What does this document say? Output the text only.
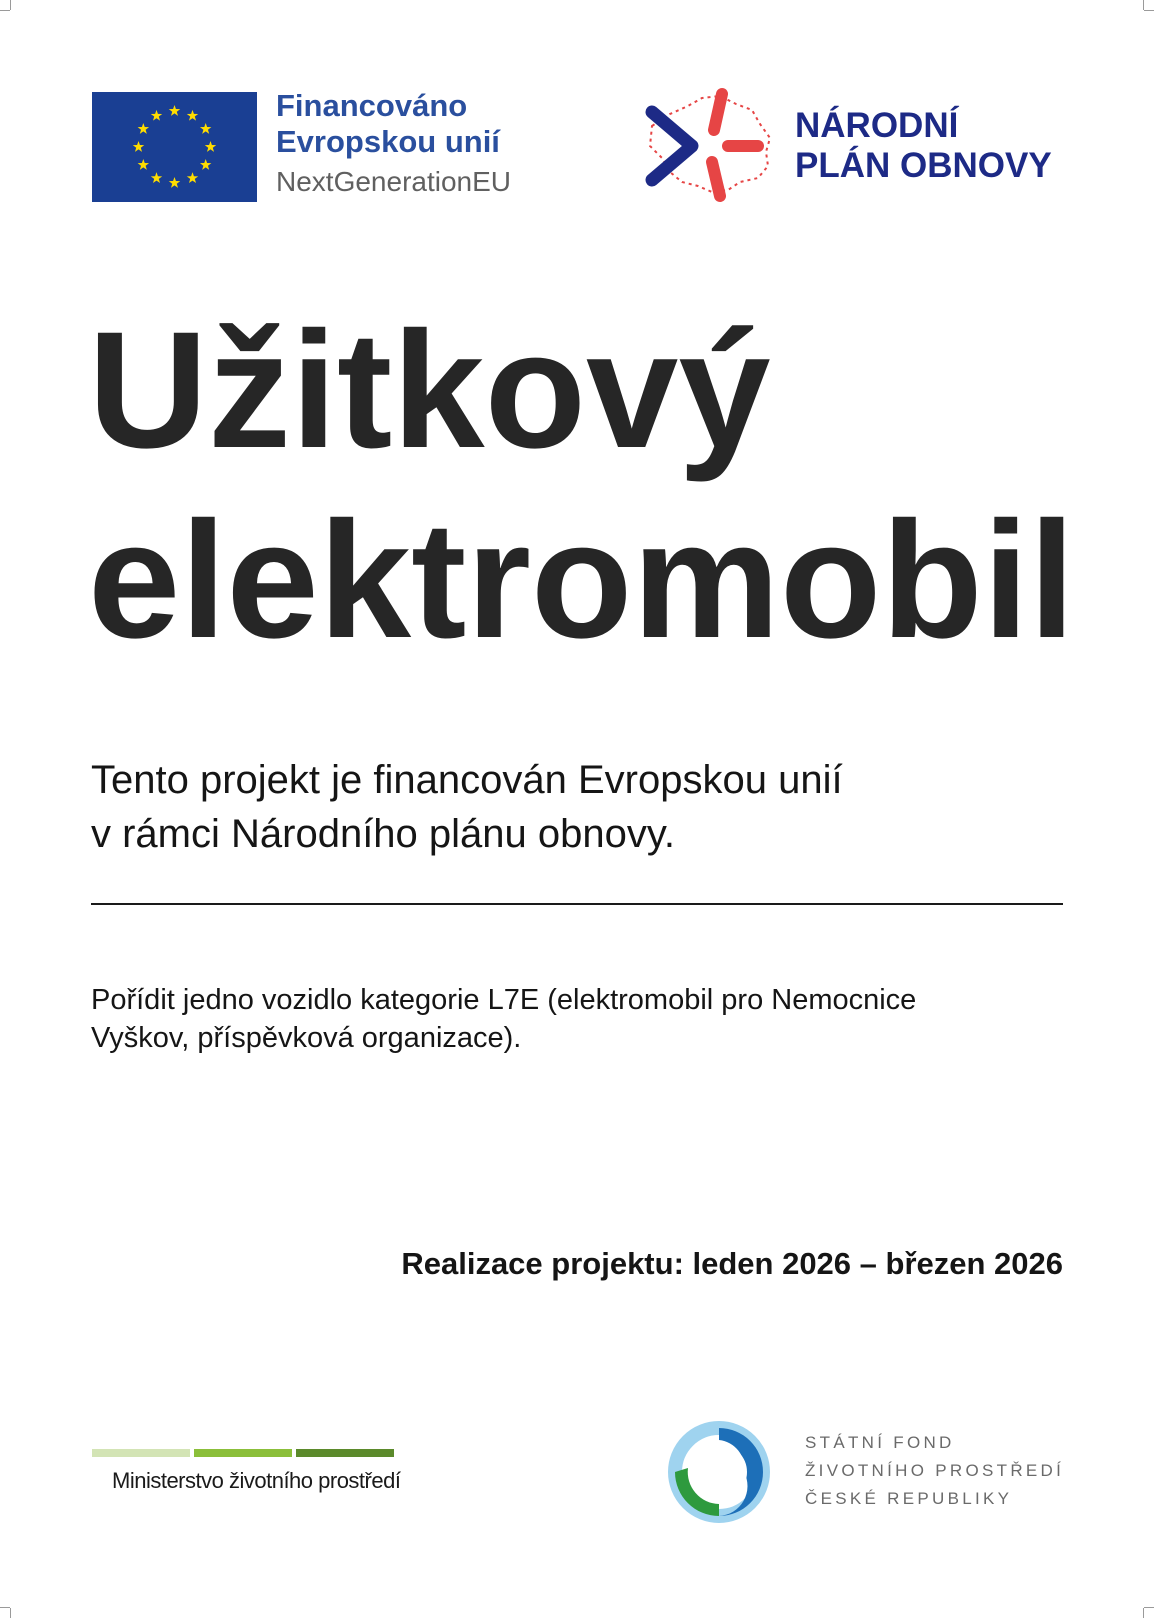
Financováno
Evropskou unií
NextGenerationEU
NÁRODNÍ
PLÁN OBNOVY
Užitkový
elektromobil
Tento projekt je financován Evropskou unií
v rámci Národního plánu obnovy.
Pořídit jedno vozidlo kategorie L7E (elektromobil pro Nemocnice
Vyškov, příspěvková organizace).
Realizace projektu: leden 2026 – březen 2026
Ministerstvo životního prostředí
STÁTNÍ FOND
ŽIVOTNÍHO PROSTŘEDÍ
ČESKÉ REPUBLIKY
